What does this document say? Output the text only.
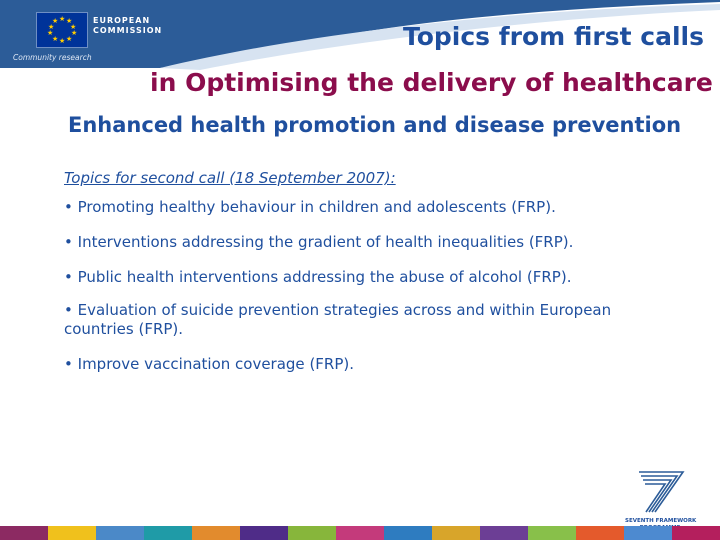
★ ★
★
★
★
★
★
★
★
★	EUROPEAN
COMMISSION
Community research
Topics from first calls
in Optimising the delivery of healthcare
Enhanced health promotion and disease prevention
Topics for second call (18 September 2007):
• Promoting healthy behaviour in children and adolescents (FRP).
• Interventions addressing the gradient of health inequalities (FRP).
• Public health interventions addressing the abuse of alcohol (FRP).
• Evaluation of suicide prevention strategies across and within European countries (FRP).
• Improve vaccination coverage (FRP).
SEVENTH FRAMEWORK
